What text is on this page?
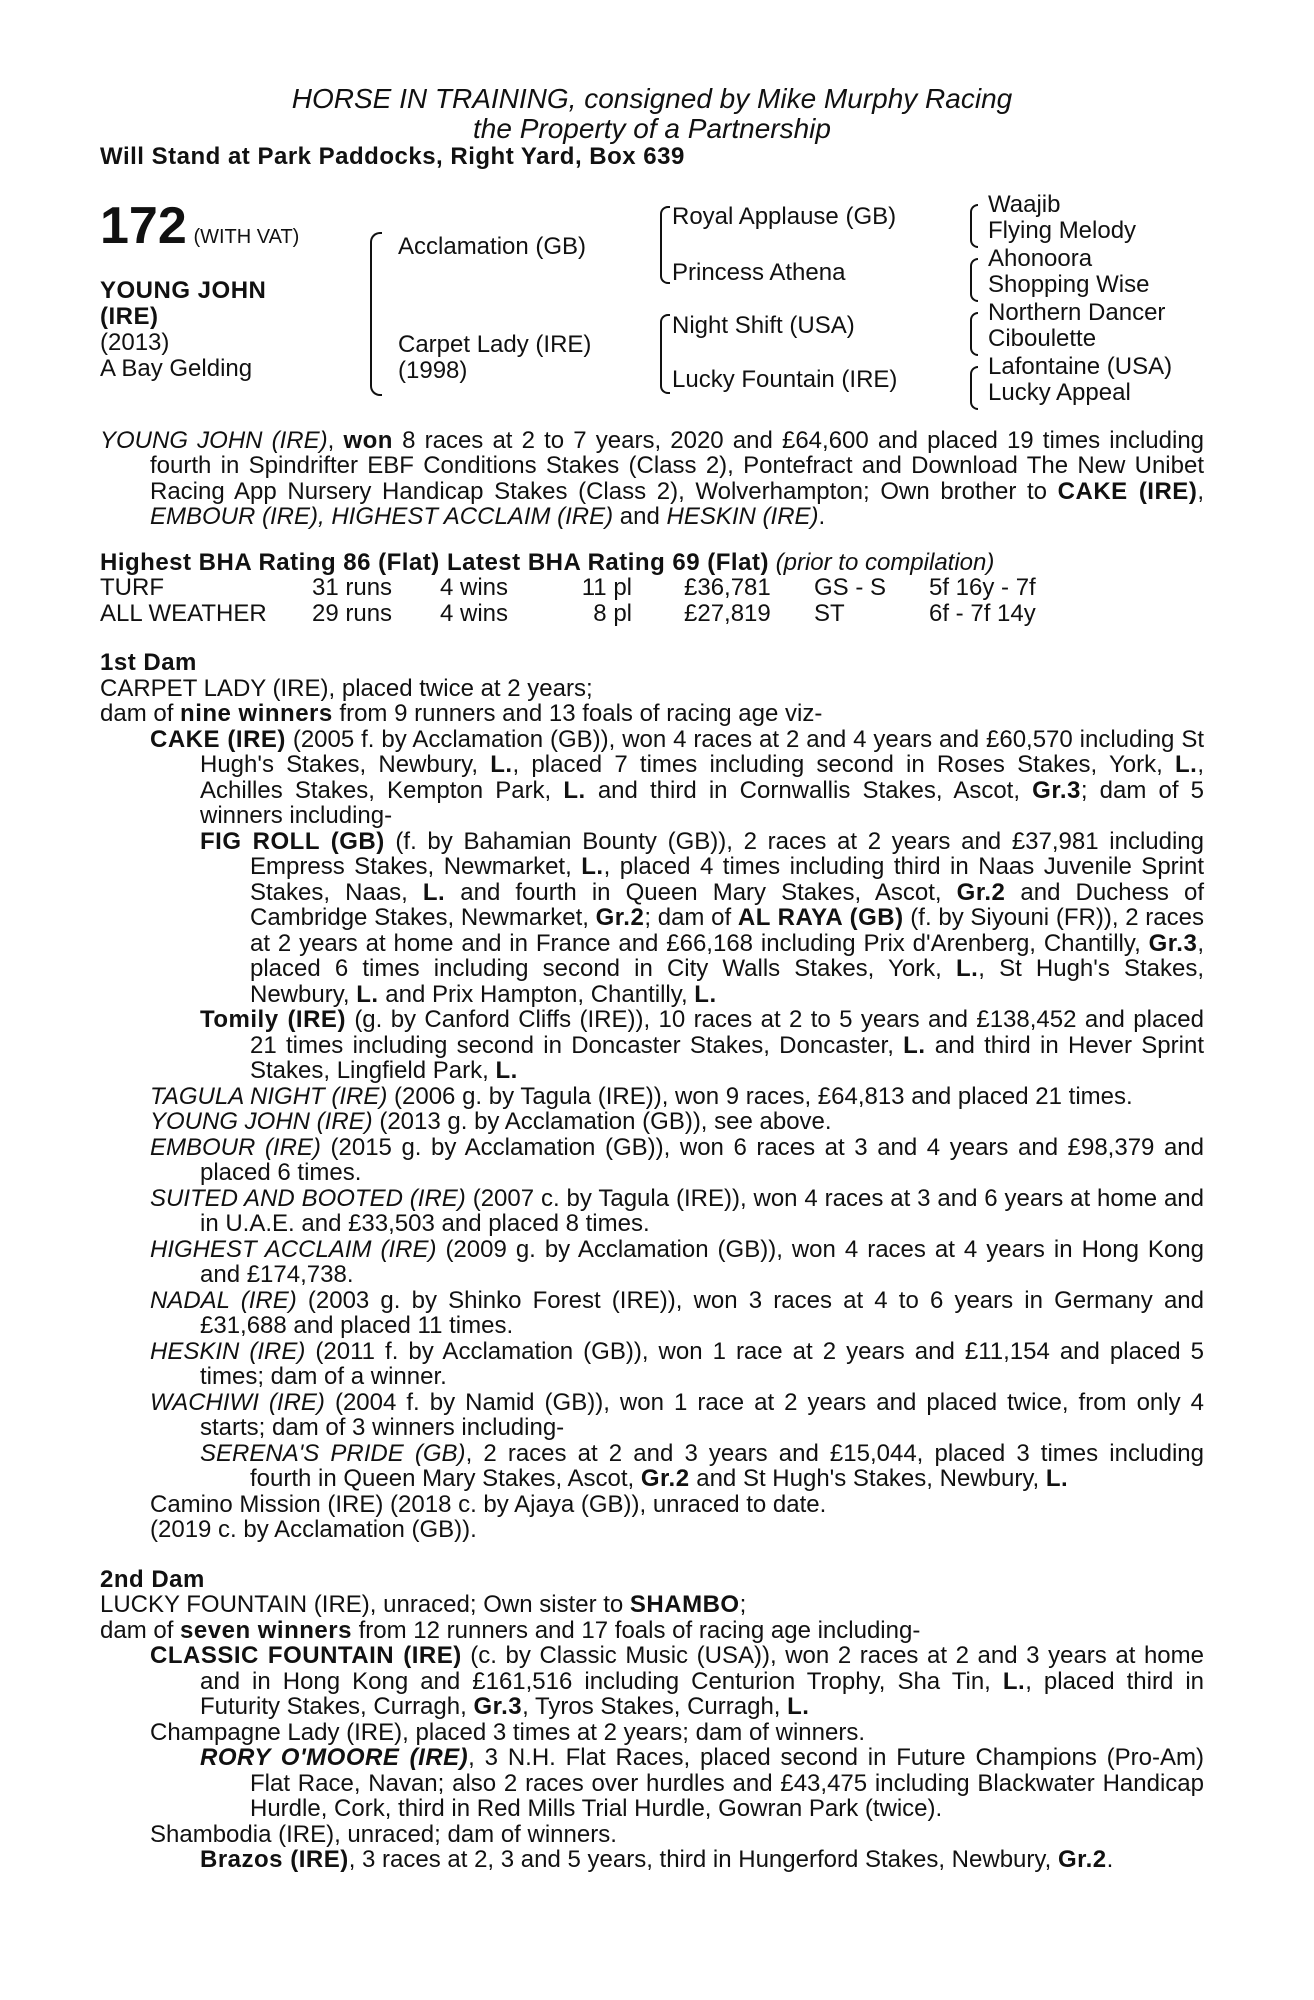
HORSE IN TRAINING, consigned by Mike Murphy Racing
the Property of a Partnership
Will Stand at Park Paddocks, Right Yard, Box 639
172 (WITH VAT)
YOUNG JOHN
(IRE)
(2013)
A Bay Gelding
Acclamation (GB)
Carpet Lady (IRE)
(1998)
Royal Applause (GB)
Princess Athena
Night Shift (USA)
Lucky Fountain (IRE)
Waajib
Flying Melody
Ahonoora
Shopping Wise
Northern Dancer
Ciboulette
Lafontaine (USA)
Lucky Appeal

YOUNG JOHN (IRE), won 8 races at 2 to 7 years, 2020 and £64,600 and placed 19 times including fourth in Spindrifter EBF Conditions Stakes (Class 2), Pontefract and Download The New Unibet Racing App Nursery Handicap Stakes (Class 2), Wolverhampton; Own brother to CAKE (IRE), EMBOUR (IRE), HIGHEST ACCLAIM (IRE) and HESKIN (IRE).

Highest BHA Rating 86 (Flat) Latest BHA Rating 69 (Flat) (prior to compilation)
TURF	31 runs	4 wins	11 pl	£36,781	GS - S	5f 16y - 7f
ALL WEATHER	29 runs	4 wins	8 pl	£27,819	ST	6f - 7f 14y
1st Dam

CARPET LADY (IRE), placed twice at 2 years;

dam of nine winners from 9 runners and 13 foals of racing age viz-

CAKE (IRE) (2005 f. by Acclamation (GB)), won 4 races at 2 and 4 years and £60,570 including St Hugh's Stakes, Newbury, L., placed 7 times including second in Roses Stakes, York, L., Achilles Stakes, Kempton Park, L. and third in Cornwallis Stakes, Ascot, Gr.3; dam of 5 winners including-

FIG ROLL (GB) (f. by Bahamian Bounty (GB)), 2 races at 2 years and £37,981 including Empress Stakes, Newmarket, L., placed 4 times including third in Naas Juvenile Sprint Stakes, Naas, L. and fourth in Queen Mary Stakes, Ascot, Gr.2 and Duchess of Cambridge Stakes, Newmarket, Gr.2; dam of AL RAYA (GB) (f. by Siyouni (FR)), 2 races at 2 years at home and in France and £66,168 including Prix d'Arenberg, Chantilly, Gr.3, placed 6 times including second in City Walls Stakes, York, L., St Hugh's Stakes, Newbury, L. and Prix Hampton, Chantilly, L.

Tomily (IRE) (g. by Canford Cliffs (IRE)), 10 races at 2 to 5 years and £138,452 and placed 21 times including second in Doncaster Stakes, Doncaster, L. and third in Hever Sprint Stakes, Lingfield Park, L.

TAGULA NIGHT (IRE) (2006 g. by Tagula (IRE)), won 9 races, £64,813 and placed 21 times.

YOUNG JOHN (IRE) (2013 g. by Acclamation (GB)), see above.

EMBOUR (IRE) (2015 g. by Acclamation (GB)), won 6 races at 3 and 4 years and £98,379 and placed 6 times.

SUITED AND BOOTED (IRE) (2007 c. by Tagula (IRE)), won 4 races at 3 and 6 years at home and in U.A.E. and £33,503 and placed 8 times.

HIGHEST ACCLAIM (IRE) (2009 g. by Acclamation (GB)), won 4 races at 4 years in Hong Kong and £174,738.

NADAL (IRE) (2003 g. by Shinko Forest (IRE)), won 3 races at 4 to 6 years in Germany and £31,688 and placed 11 times.

HESKIN (IRE) (2011 f. by Acclamation (GB)), won 1 race at 2 years and £11,154 and placed 5 times; dam of a winner.

WACHIWI (IRE) (2004 f. by Namid (GB)), won 1 race at 2 years and placed twice, from only 4 starts; dam of 3 winners including-

SERENA'S PRIDE (GB), 2 races at 2 and 3 years and £15,044, placed 3 times including fourth in Queen Mary Stakes, Ascot, Gr.2 and St Hugh's Stakes, Newbury, L.

Camino Mission (IRE) (2018 c. by Ajaya (GB)), unraced to date.

(2019 c. by Acclamation (GB)).

2nd Dam

LUCKY FOUNTAIN (IRE), unraced; Own sister to SHAMBO;

dam of seven winners from 12 runners and 17 foals of racing age including-

CLASSIC FOUNTAIN (IRE) (c. by Classic Music (USA)), won 2 races at 2 and 3 years at home and in Hong Kong and £161,516 including Centurion Trophy, Sha Tin, L., placed third in Futurity Stakes, Curragh, Gr.3, Tyros Stakes, Curragh, L.

Champagne Lady (IRE), placed 3 times at 2 years; dam of winners.

RORY O'MOORE (IRE), 3 N.H. Flat Races, placed second in Future Champions (Pro-Am) Flat Race, Navan; also 2 races over hurdles and £43,475 including Blackwater Handicap Hurdle, Cork, third in Red Mills Trial Hurdle, Gowran Park (twice).

Shambodia (IRE), unraced; dam of winners.

Brazos (IRE), 3 races at 2, 3 and 5 years, third in Hungerford Stakes, Newbury, Gr.2.
